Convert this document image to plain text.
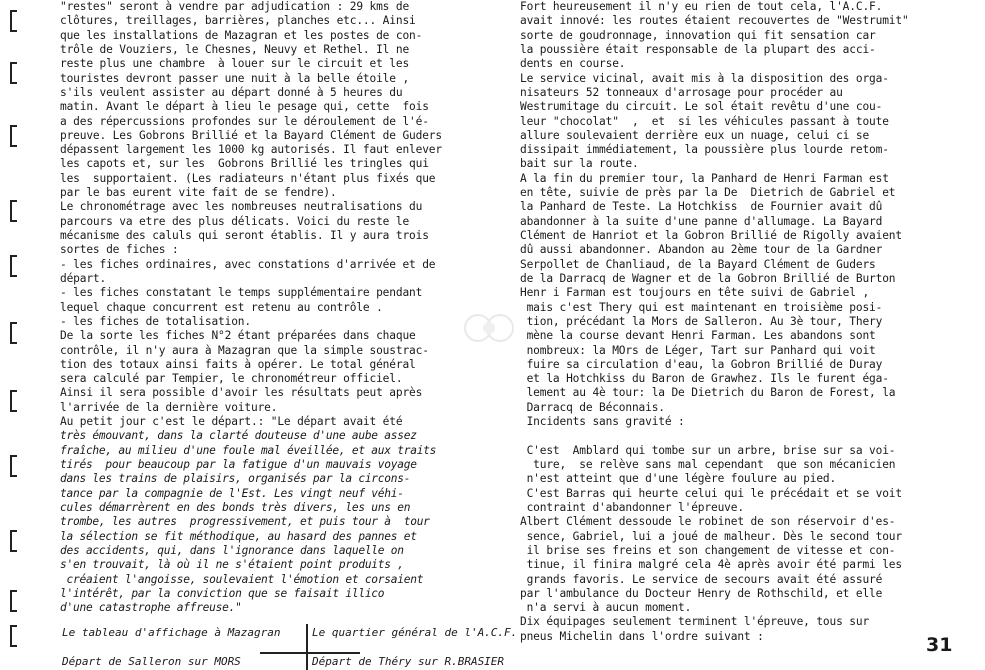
"restes" seront à vendre par adjudication : 29 kms de
clôtures, treillages, barrières, planches etc... Ainsi
que les installations de Mazagran et les postes de con-
trôle de Vouziers, le Chesnes, Neuvy et Rethel. Il ne
reste plus une chambre  à louer sur le circuit et les
touristes devront passer une nuit à la belle étoile ,
s'ils veulent assister au départ donné à 5 heures du
matin. Avant le départ à lieu le pesage qui, cette  fois
a des répercussions profondes sur le déroulement de l'é-
preuve. Les Gobrons Brillié et la Bayard Clément de Guders
dépassent largement les 1000 kg autorisés. Il faut enlever
les capots et, sur les  Gobrons Brillié les tringles qui
les  supportaient. (Les radiateurs n'étant plus fixés que
par le bas eurent vite fait de se fendre).
Le chronométrage avec les nombreuses neutralisations du
parcours va etre des plus délicats. Voici du reste le
mécanisme des caluls qui seront établis. Il y aura trois
sortes de fiches :
- les fiches ordinaires, avec constations d'arrivée et de
départ.
- les fiches constatant le temps supplémentaire pendant
lequel chaque concurrent est retenu au contrôle .
- les fiches de totalisation.
De la sorte les fiches N°2 étant préparées dans chaque
contrôle, il n'y aura à Mazagran que la simple soustrac-
tion des totaux ainsi faits à opérer. Le total général
sera calculé par Tempier, le chronométreur officiel.
Ainsi il sera possible d'avoir les résultats peut après
l'arrivée de la dernière voiture.
Au petit jour c'est le départ.: "Le départ avait été
très émouvant, dans la clarté douteuse d'une aube assez
fraîche, au milieu d'une foule mal éveillée, et aux traits
tirés  pour beaucoup par la fatigue d'un mauvais voyage
dans les trains de plaisirs, organisés par la circons-
tance par la compagnie de l'Est. Les vingt neuf véhi-
cules démarrèrent en des bonds très divers, les uns en
trombe, les autres  progressivement, et puis tour à  tour
la sélection se fit méthodique, au hasard des pannes et
des accidents, qui, dans l'ignorance dans laquelle on
s'en trouvait, là où il ne s'étaient point produits ,
créaient l'angoisse, soulevaient l'émotion et corsaient
l'intérêt, par la conviction que se faisait illico
d'une catastrophe affreuse."
Fort heureusement il n'y eu rien de tout cela, l'A.C.F.
avait innové: les routes étaient recouvertes de "Westrumit"
sorte de goudronnage, innovation qui fit sensation car
la poussière était responsable de la plupart des acci-
dents en course.
Le service vicinal, avait mis à la disposition des orga-
nisateurs 52 tonneaux d'arrosage pour procéder au
Westrumitage du circuit. Le sol était revêtu d'une cou-
leur "chocolat"  ,  et  si les véhicules passant à toute
allure soulevaient derrière eux un nuage, celui ci se
dissipait immédiatement, la poussière plus lourde retom-
bait sur la route.
A la fin du premier tour, la Panhard de Henri Farman est
en tête, suivie de près par la De  Dietrich de Gabriel et
la Panhard de Teste. La Hotchkiss  de Fournier avait dû
abandonner à la suite d'une panne d'allumage. La Bayard
Clément de Hanriot et la Gobron Brillié de Rigolly avaient
dû aussi abandonner. Abandon au 2ème tour de la Gardner
Serpollet de Chanliaud, de la Bayard Clément de Guders
de la Darracq de Wagner et de la Gobron Brillié de Burton
Henr i Farman est toujours en tête suivi de Gabriel ,
mais c'est Thery qui est maintenant en troisième posi-
tion, précédant la Mors de Salleron. Au 3è tour, Thery
mène la course devant Henri Farman. Les abandons sont
nombreux: la MOrs de Léger, Tart sur Panhard qui voit
fuire sa circulation d'eau, la Gobron Brillié de Duray
et la Hotchkiss du Baron de Grawhez. Ils le furent éga-
lement au 4è tour: la De Dietrich du Baron de Forest, la
Darracq de Béconnais.
Incidents sans gravité :
C'est  Amblard qui tombe sur un arbre, brise sur sa voi-
ture,  se relève sans mal cependant  que son mécanicien
n'est atteint que d'une légère foulure au pied.
C'est Barras qui heurte celui qui le précédait et se voit
contraint d'abandonner l'épreuve.
Albert Clément dessoude le robinet de son réservoir d'es-
sence, Gabriel, lui a joué de malheur. Dès le second tour
il brise ses freins et son changement de vitesse et con-
tinue, il finira malgré cela 4è après avoir été parmi les
grands favoris. Le service de secours avait été assuré
par l'ambulance du Docteur Henry de Rothschild, et elle
n'a servi à aucun moment.
Dix équipages seulement terminent l'épreuve, tous sur
pneus Michelin dans l'ordre suivant :
Le tableau d'affichage à Mazagran	Le quartier général de l'A.C.F.
Départ de Salleron sur MORS	Départ de Théry sur R.BRASIER
31
